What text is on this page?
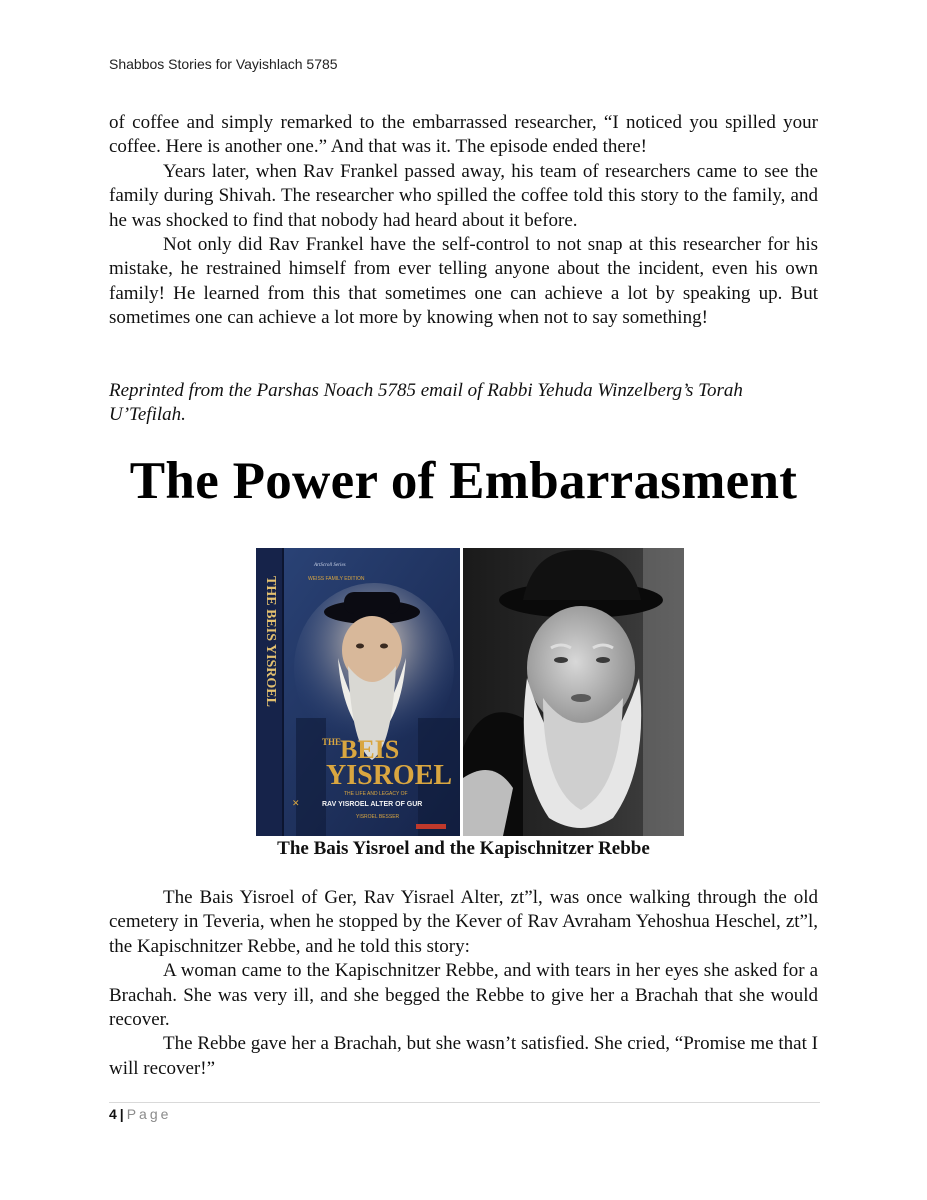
Shabbos Stories for Vayishlach 5785

of coffee and simply remarked to the embarrassed researcher, “I noticed you spilled your coffee. Here is another one.” And that was it. The episode ended there!

Years later, when Rav Frankel passed away, his team of researchers came to see the family during Shivah. The researcher who spilled the coffee told this story to the family, and he was shocked to find that nobody had heard about it before.

Not only did Rav Frankel have the self-control to not snap at this researcher for his mistake, he restrained himself from ever telling anyone about the incident, even his own family! He learned from this that sometimes one can achieve a lot by speaking up. But sometimes one can achieve a lot more by knowing when not to say something!

Reprinted from the Parshas Noach 5785 email of Rabbi Yehuda Winzelberg’s Torah U’Tefilah.
The Power of Embarrasment
THE BEIS YISROEL
ArtScroll Series
WEISS FAMILY EDITION
THE
BEIS
YISROEL
THE LIFE AND LEGACY OF
RAV YISROEL ALTER OF GUR
YISROEL BESSER
✕
The Bais Yisroel and the Kapischnitzer Rebbe

The Bais Yisroel of Ger, Rav Yisrael Alter, zt”l, was once walking through the old cemetery in Teveria, when he stopped by the Kever of Rav Avraham Yehoshua Heschel, zt”l, the Kapischnitzer Rebbe, and he told this story:

A woman came to the Kapischnitzer Rebbe, and with tears in her eyes she asked for a Brachah. She was very ill, and she begged the Rebbe to give her a Brachah that she would recover.

The Rebbe gave her a Brachah, but she wasn’t satisfied. She cried, “Promise me that I will recover!”

4 | Page
